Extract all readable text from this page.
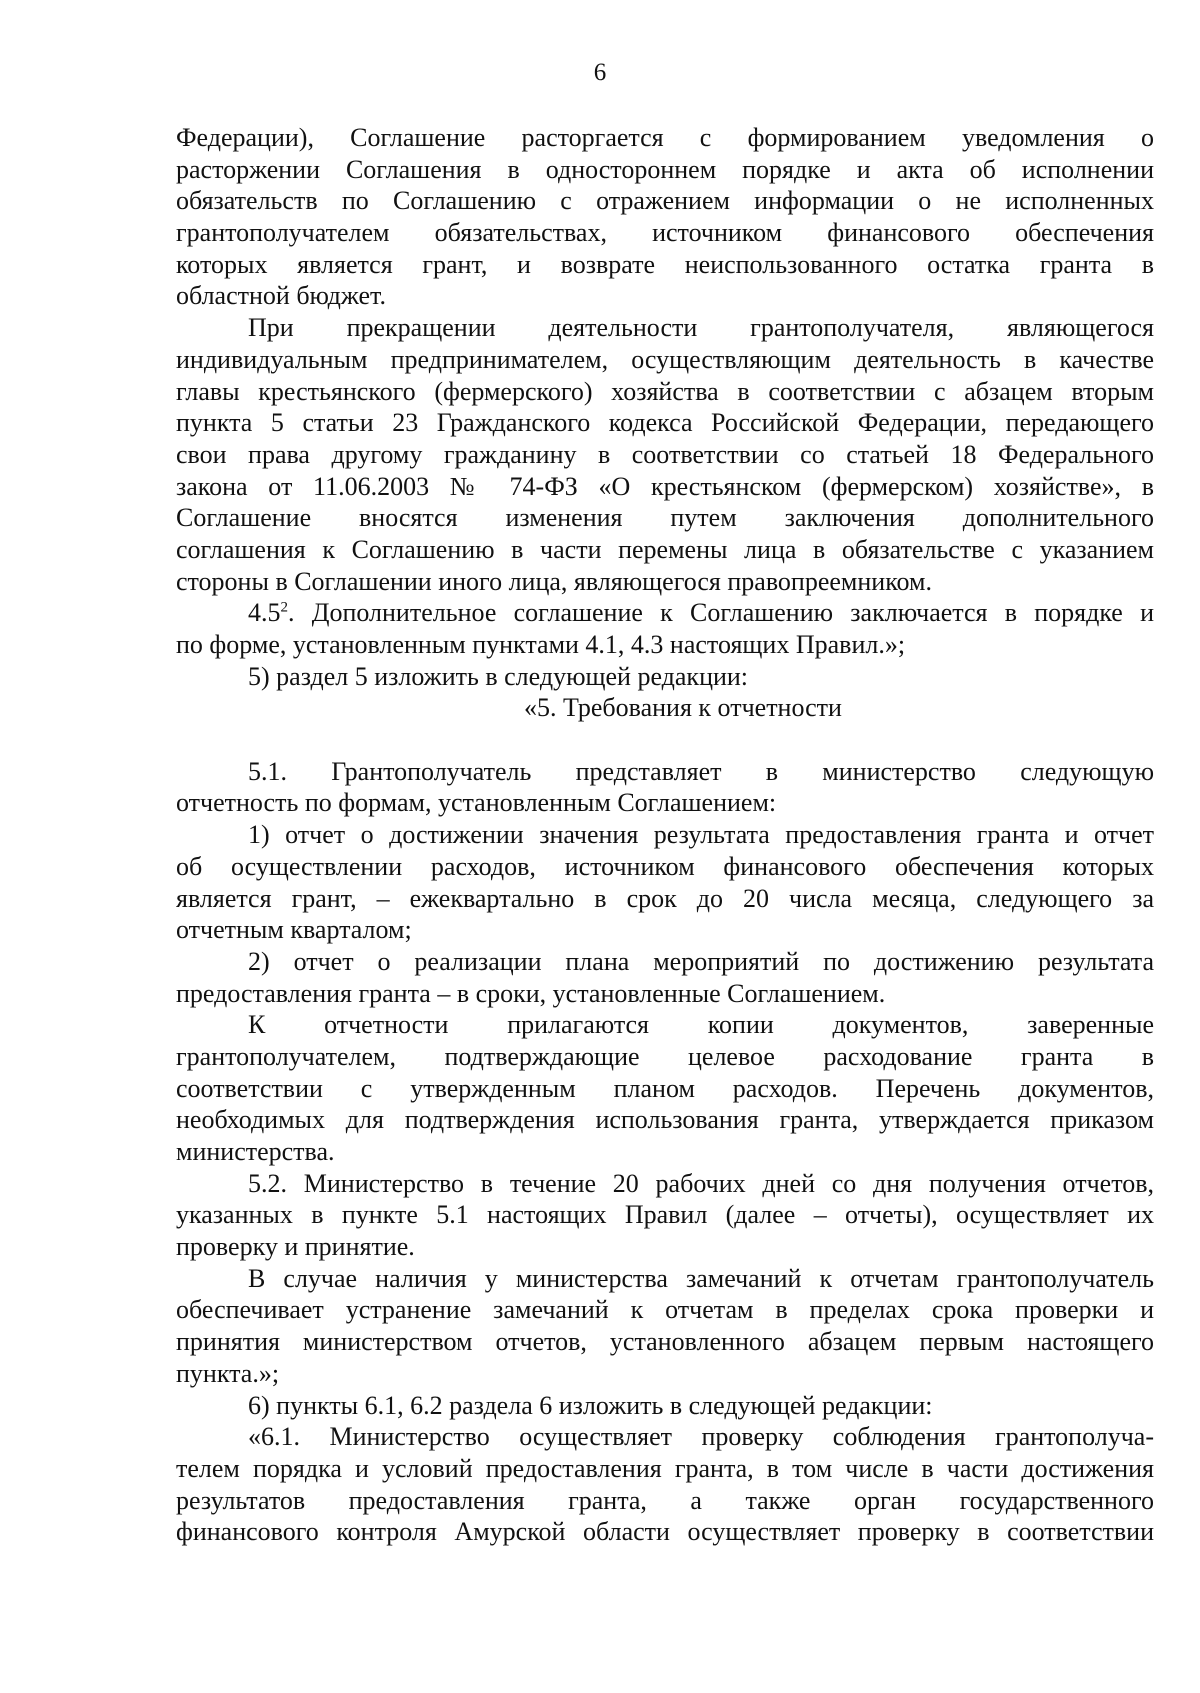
6
Федерации), Соглашение расторгается с формированием уведомления о
расторжении Соглашения в одностороннем порядке и акта об исполнении
обязательств по Соглашению с отражением информации о не исполненных
грантополучателем обязательствах, источником финансового обеспечения
которых является грант, и возврате неиспользованного остатка гранта в
областной бюджет.
При прекращении деятельности грантополучателя, являющегося
индивидуальным предпринимателем, осуществляющим деятельность в качестве
главы крестьянского (фермерского) хозяйства в соответствии с абзацем вторым
пункта 5 статьи 23 Гражданского кодекса Российской Федерации, передающего
свои права другому гражданину в соответствии со статьей 18 Федерального
закона от 11.06.2003 № 74-ФЗ «О крестьянском (фермерском) хозяйстве», в
Соглашение вносятся изменения путем заключения дополнительного
соглашения к Соглашению в части перемены лица в обязательстве с указанием
стороны в Соглашении иного лица, являющегося правопреемником.
$4.5^2$. Дополнительное соглашение к Соглашению заключается в порядке и
по форме, установленным пунктами 4.1, 4.3 настоящих Правил.»;
5) раздел 5 изложить в следующей редакции:
«5. Требования к отчетности
5.1. Грантополучатель представляет в министерство следующую
отчетность по формам, установленным Соглашением:
1) отчет о достижении значения результата предоставления гранта и отчет
об осуществлении расходов, источником финансового обеспечения которых
является грант, – ежеквартально в срок до 20 числа месяца, следующего за
отчетным кварталом;
2) отчет о реализации плана мероприятий по достижению результата
предоставления гранта – в сроки, установленные Соглашением.
К отчетности прилагаются копии документов, заверенные
грантополучателем, подтверждающие целевое расходование гранта в
соответствии с утвержденным планом расходов. Перечень документов,
необходимых для подтверждения использования гранта, утверждается приказом
министерства.
5.2. Министерство в течение 20 рабочих дней со дня получения отчетов,
указанных в пункте 5.1 настоящих Правил (далее – отчеты), осуществляет их
проверку и принятие.
В случае наличия у министерства замечаний к отчетам грантополучатель
обеспечивает устранение замечаний к отчетам в пределах срока проверки и
принятия министерством отчетов, установленного абзацем первым настоящего
пункта.»;
6) пункты 6.1, 6.2 раздела 6 изложить в следующей редакции:
«6.1. Министерство осуществляет проверку соблюдения грантополуча-
телем порядка и условий предоставления гранта, в том числе в части достижения
результатов предоставления гранта, а также орган государственного
финансового контроля Амурской области осуществляет проверку в соответствии
